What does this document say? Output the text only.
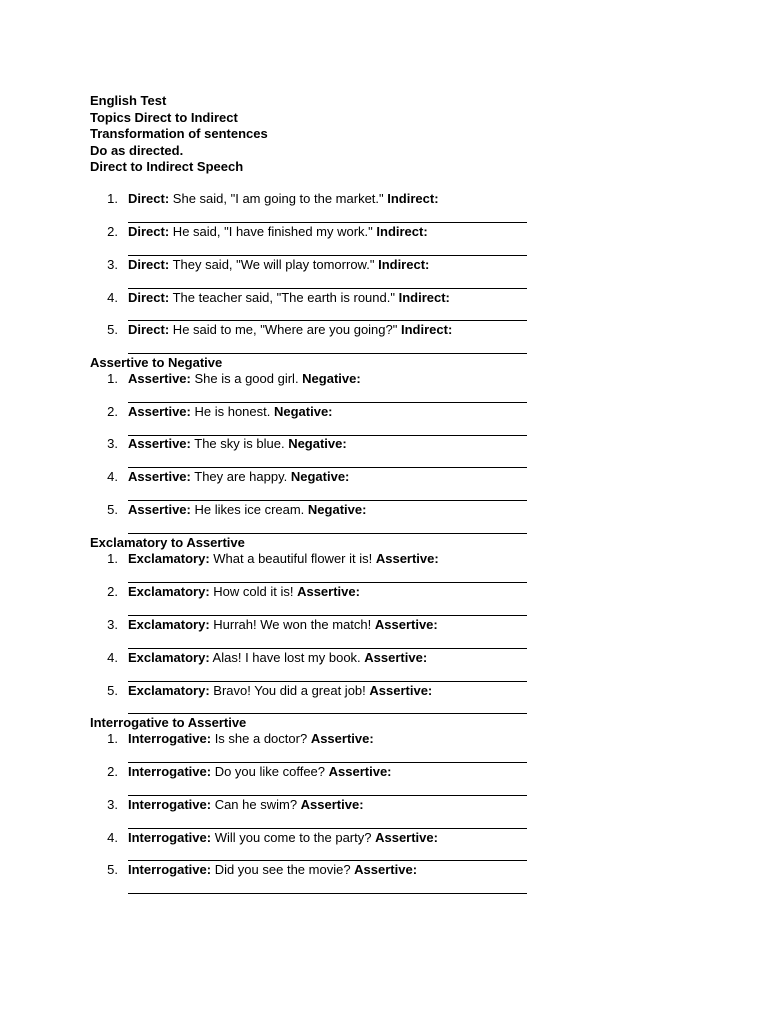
English Test
Topics Direct to Indirect
Transformation of sentences
Do as directed.
Direct to Indirect Speech
1. Direct: She said, "I am going to the market." Indirect:
2. Direct: He said, "I have finished my work." Indirect:
3. Direct: They said, "We will play tomorrow." Indirect:
4. Direct: The teacher said, "The earth is round." Indirect:
5. Direct: He said to me, "Where are you going?" Indirect:
Assertive to Negative
1. Assertive: She is a good girl. Negative:
2. Assertive: He is honest. Negative:
3. Assertive: The sky is blue. Negative:
4. Assertive: They are happy. Negative:
5. Assertive: He likes ice cream. Negative:
Exclamatory to Assertive
1. Exclamatory: What a beautiful flower it is! Assertive:
2. Exclamatory: How cold it is! Assertive:
3. Exclamatory: Hurrah! We won the match! Assertive:
4. Exclamatory: Alas! I have lost my book. Assertive:
5. Exclamatory: Bravo! You did a great job! Assertive:
Interrogative to Assertive
1. Interrogative: Is she a doctor? Assertive:
2. Interrogative: Do you like coffee? Assertive:
3. Interrogative: Can he swim? Assertive:
4. Interrogative: Will you come to the party? Assertive:
5. Interrogative: Did you see the movie? Assertive:
